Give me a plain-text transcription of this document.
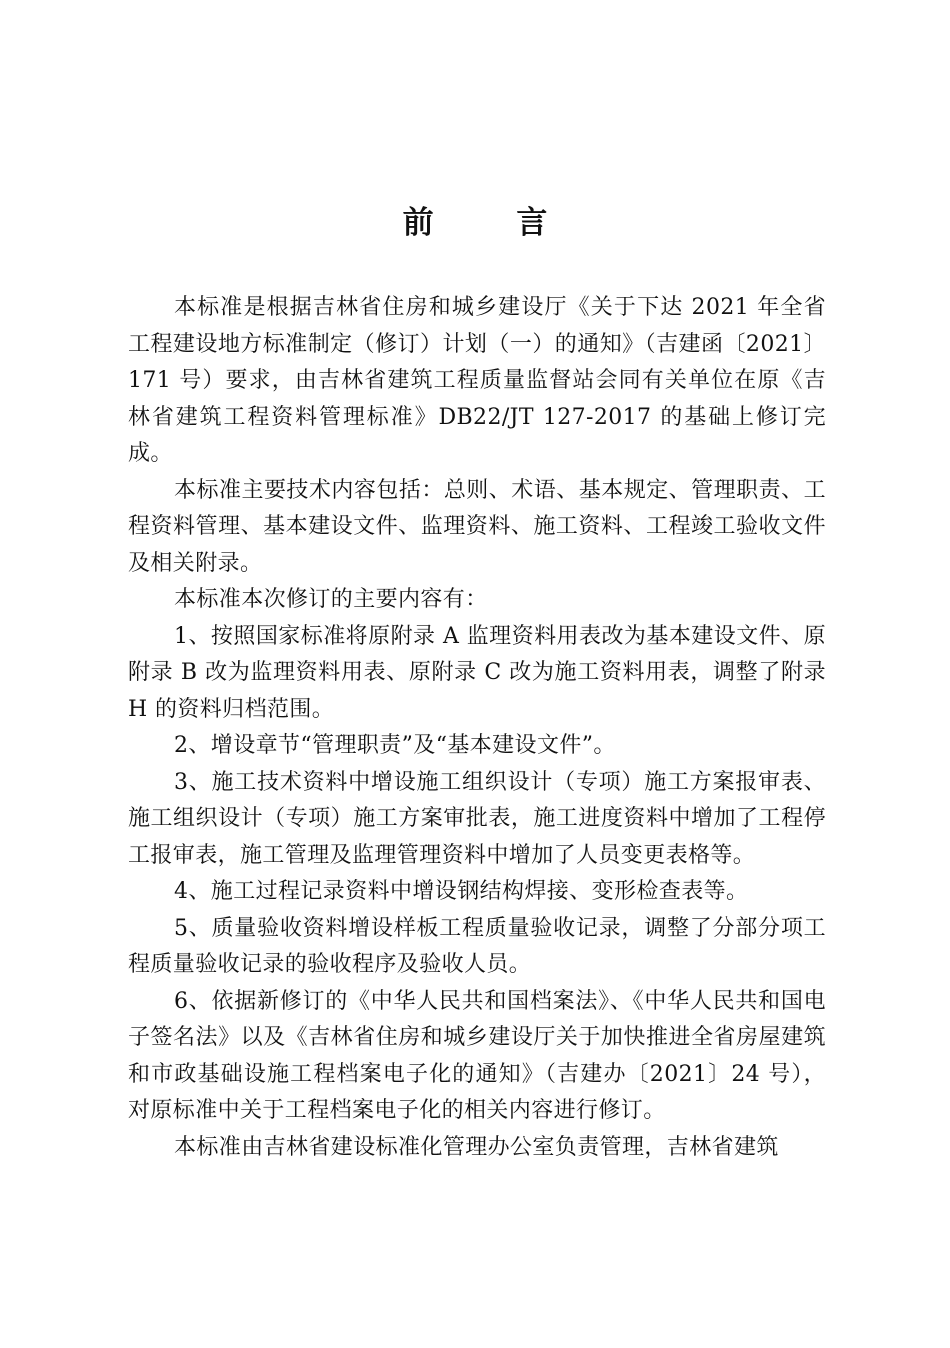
前 言

本标准是根据吉林省住房和城乡建设厅《关于下达 2021 年全省工程建设地方标准制定（修订）计划（一）的通知》（吉建函〔2021〕171 号）要求，由吉林省建筑工程质量监督站会同有关单位在原《吉林省建筑工程资料管理标准》DB22/JT 127-2017 的基础上修订完成。

本标准主要技术内容包括：总则、术语、基本规定、管理职责、工程资料管理、基本建设文件、监理资料、施工资料、工程竣工验收文件及相关附录。

本标准本次修订的主要内容有：

1、按照国家标准将原附录 A 监理资料用表改为基本建设文件、原附录 B 改为监理资料用表、原附录 C 改为施工资料用表，调整了附录 H 的资料归档范围。

2、增设章节“管理职责”及“基本建设文件”。

3、施工技术资料中增设施工组织设计（专项）施工方案报审表、施工组织设计（专项）施工方案审批表，施工进度资料中增加了工程停工报审表，施工管理及监理管理资料中增加了人员变更表格等。

4、施工过程记录资料中增设钢结构焊接、变形检查表等。

5、质量验收资料增设样板工程质量验收记录，调整了分部分项工程质量验收记录的验收程序及验收人员。

6、依据新修订的《中华人民共和国档案法》、《中华人民共和国电子签名法》以及《吉林省住房和城乡建设厅关于加快推进全省房屋建筑和市政基础设施工程档案电子化的通知》（吉建办〔2021〕24 号），对原标准中关于工程档案电子化的相关内容进行修订。

本标准由吉林省建设标准化管理办公室负责管理，吉林省建筑
